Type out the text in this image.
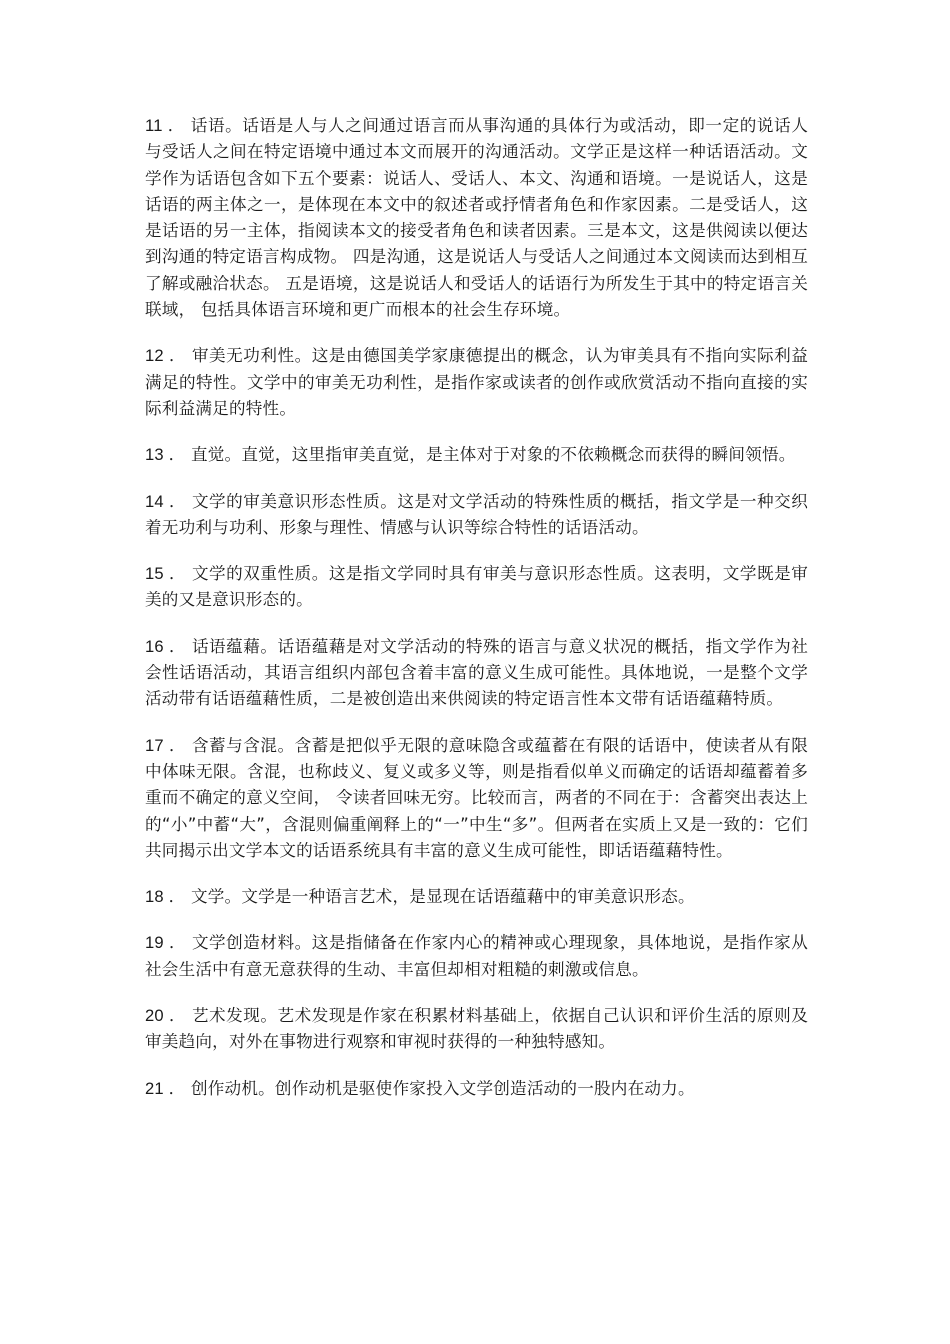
11 ． 话语。话语是人与人之间通过语言而从事沟通的具体行为或活动，即一定的说话人与受话人之间在特定语境中通过本文而展开的沟通活动。文学正是这样一种话语活动。文学作为话语包含如下五个要素：说话人、受话人、本文、沟通和语境。一是说话人，这是话语的两主体之一，是体现在本文中的叙述者或抒情者角色和作家因素。二是受话人，这是话语的另一主体，指阅读本文的接受者角色和读者因素。三是本文，这是供阅读以便达到沟通的特定语言构成物。 四是沟通，这是说话人与受话人之间通过本文阅读而达到相互了解或融洽状态。 五是语境，这是说话人和受话人的话语行为所发生于其中的特定语言关联域， 包括具体语言环境和更广而根本的社会生存环境。

12 ． 审美无功利性。这是由德国美学家康德提出的概念，认为审美具有不指向实际利益满足的特性。文学中的审美无功利性，是指作家或读者的创作或欣赏活动不指向直接的实际利益满足的特性。

13 ． 直觉。直觉，这里指审美直觉，是主体对于对象的不依赖概念而获得的瞬间领悟。

14 ． 文学的审美意识形态性质。这是对文学活动的特殊性质的概括，指文学是一种交织着无功利与功利、形象与理性、情感与认识等综合特性的话语活动。

15 ． 文学的双重性质。这是指文学同时具有审美与意识形态性质。这表明，文学既是审美的又是意识形态的。

16 ． 话语蕴藉。话语蕴藉是对文学活动的特殊的语言与意义状况的概括，指文学作为社会性话语活动，其语言组织内部包含着丰富的意义生成可能性。具体地说，一是整个文学活动带有话语蕴藉性质，二是被创造出来供阅读的特定语言性本文带有话语蕴藉特质。

17 ． 含蓄与含混。含蓄是把似乎无限的意味隐含或蕴蓄在有限的话语中，使读者从有限中体味无限。含混，也称歧义、复义或多义等，则是指看似单义而确定的话语却蕴蓄着多重而不确定的意义空间， 令读者回味无穷。比较而言，两者的不同在于：含蓄突出表达上的“小”中蓄“大”，含混则偏重阐释上的“一”中生“多”。但两者在实质上又是一致的：它们共同揭示出文学本文的话语系统具有丰富的意义生成可能性，即话语蕴藉特性。

18 ． 文学。文学是一种语言艺术，是显现在话语蕴藉中的审美意识形态。

19 ． 文学创造材料。这是指储备在作家内心的精神或心理现象，具体地说，是指作家从社会生活中有意无意获得的生动、丰富但却相对粗糙的刺激或信息。

20 ． 艺术发现。艺术发现是作家在积累材料基础上，依据自己认识和评价生活的原则及审美趋向，对外在事物进行观察和审视时获得的一种独特感知。

21 ． 创作动机。创作动机是驱使作家投入文学创造活动的一股内在动力。
